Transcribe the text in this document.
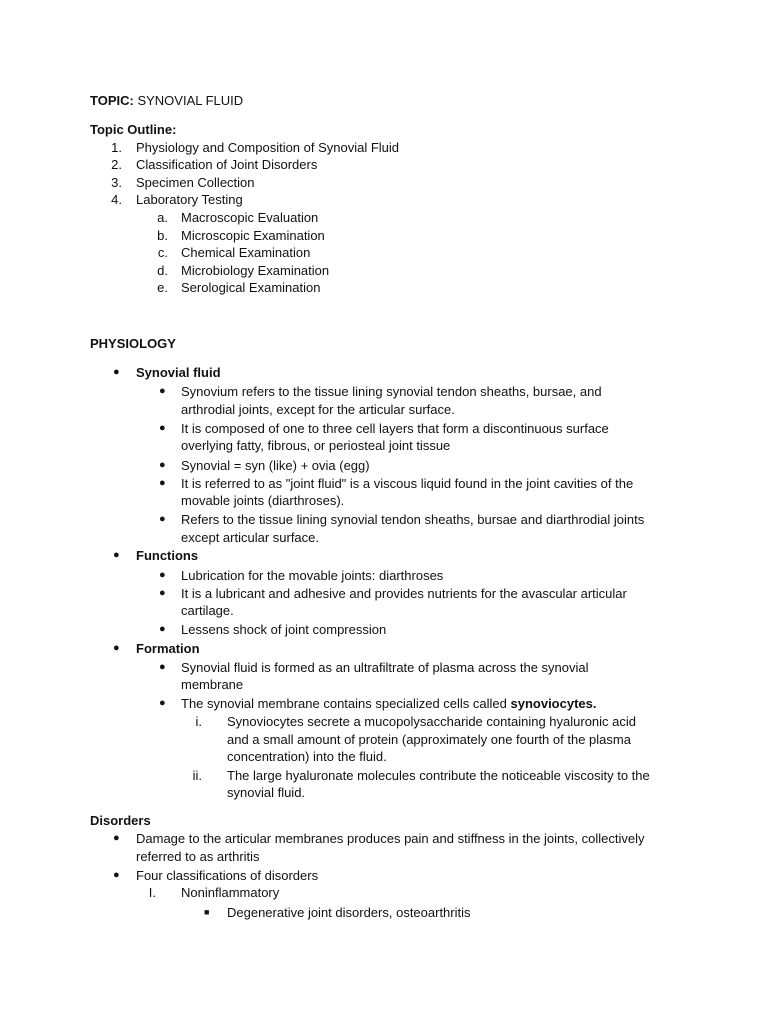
TOPIC: SYNOVIAL FLUID
Topic Outline:
1. Physiology and Composition of Synovial Fluid
2. Classification of Joint Disorders
3. Specimen Collection
4. Laboratory Testing
a. Macroscopic Evaluation
b. Microscopic Examination
c. Chemical Examination
d. Microbiology Examination
e. Serological Examination
PHYSIOLOGY
● Synovial fluid
● Synovium refers to the tissue lining synovial tendon sheaths, bursae, and
arthrodial joints, except for the articular surface.
● It is composed of one to three cell layers that form a discontinuous surface
overlying fatty, fibrous, or periosteal joint tissue
● Synovial = syn (like) + ovia (egg)
● It is referred to as "joint fluid" is a viscous liquid found in the joint cavities of the
movable joints (diarthroses).
● Refers to the tissue lining synovial tendon sheaths, bursae and diarthrodial joints
except articular surface.
● Functions
● Lubrication for the movable joints: diarthroses
● It is a lubricant and adhesive and provides nutrients for the avascular articular
cartilage.
● Lessens shock of joint compression
● Formation
● Synovial fluid is formed as an ultrafiltrate of plasma across the synovial
membrane
● The synovial membrane contains specialized cells called synoviocytes.
i. Synoviocytes secrete a mucopolysaccharide containing hyaluronic acid
and a small amount of protein (approximately one fourth of the plasma
concentration) into the fluid.
ii. The large hyaluronate molecules contribute the noticeable viscosity to the
synovial fluid.
Disorders
● Damage to the articular membranes produces pain and stiffness in the joints, collectively
referred to as arthritis
● Four classifications of disorders
I. Noninflammatory
■ Degenerative joint disorders, osteoarthritis
